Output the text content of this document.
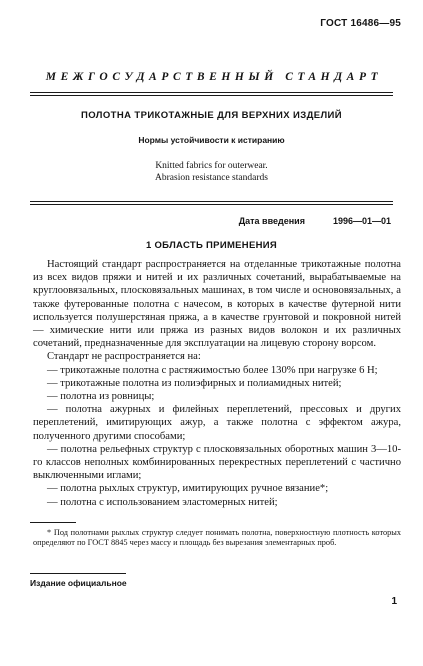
ГОСТ 16486—95
МЕЖГОСУДАРСТВЕННЫЙ СТАНДАРТ
ПОЛОТНА ТРИКОТАЖНЫЕ ДЛЯ ВЕРХНИХ ИЗДЕЛИЙ
Нормы устойчивости к истиранию
Knitted fabrics for outerwear.
Abrasion resistance standards
Дата введения	1996—01—01
1 ОБЛАСТЬ ПРИМЕНЕНИЯ

Настоящий стандарт распространяется на отделанные трикотажные полотна из всех видов пряжи и нитей и их различных сочетаний, вырабатываемые на круглоовязальных, плосковязальных машинах, в том числе и основовязальных, а также футерованные полотна с начесом, в которых в качестве футерной нити используется полушерстяная пряжа, а в качестве грунтовой и покровной нитей — химические нити или пряжа из разных видов волокон и их различных сочетаний, предназначенные для эксплуатации на лицевую сторону ворсом.

Стандарт не распространяется на:

— трикотажные полотна с растяжимостью более 130% при нагрузке 6 Н;

— трикотажные полотна из полиэфирных и полиамидных нитей;

— полотна из ровницы;

— полотна ажурных и филейных переплетений, прессовых и других переплетений, имитирующих ажур, а также полотна с эффектом ажура, полученного другими способами;

— полотна рельефных структур с плосковязальных оборотных машин 3—10-го классов неполных комбинированных перекрестных переплетений с частично выключенными иглами;

— полотна рыхлых структур, имитирующих ручное вязание*;

— полотна с использованием эластомерных нитей;

* Под полотнами рыхлых структур следует понимать полотна, поверхностную плотность которых определяют по ГОСТ 8845 через массу и площадь без вырезания элементарных проб.

Издание официальное
1
